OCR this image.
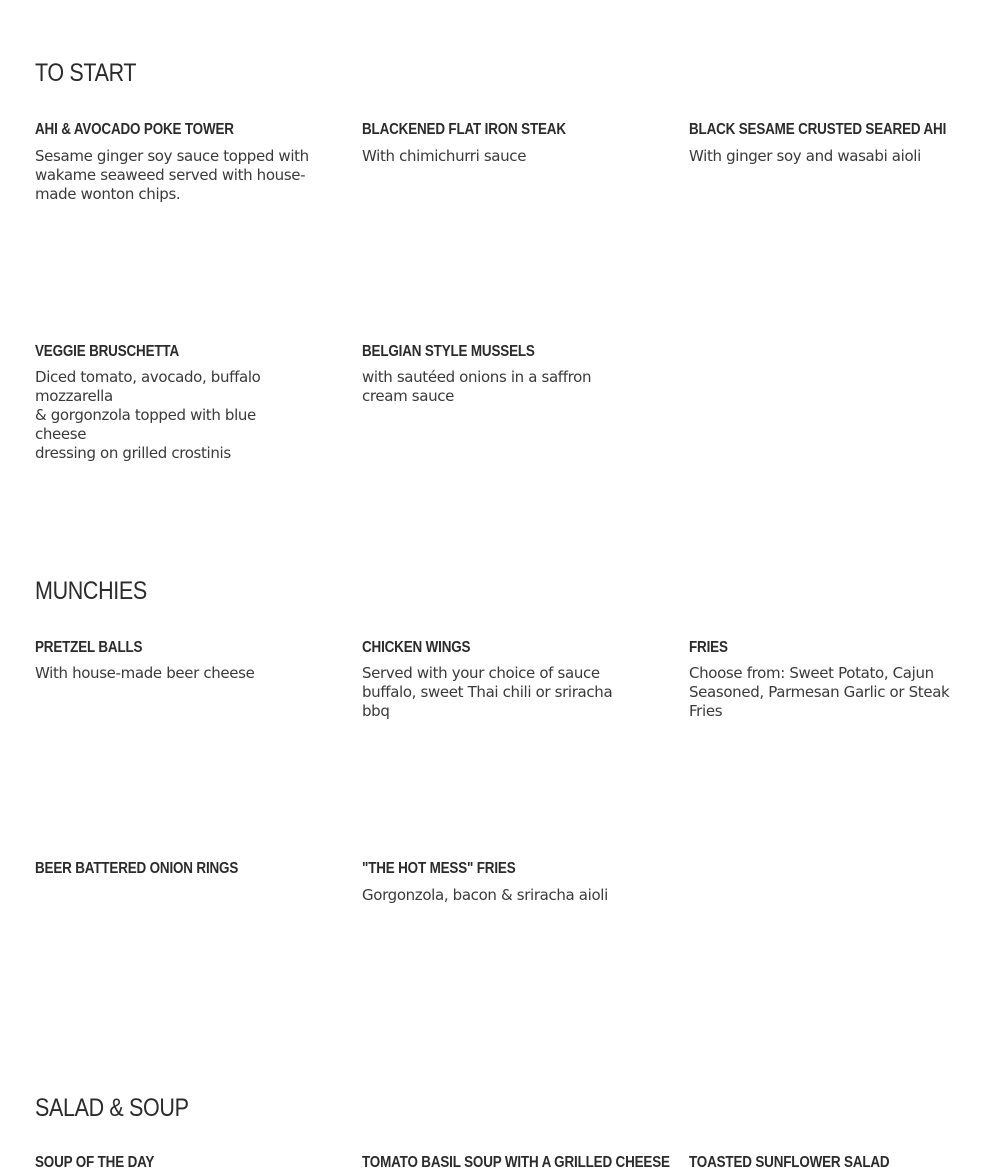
TO START
AHI & AVOCADO POKE TOWER
Sesame ginger soy sauce topped with
wakame seaweed served with house-
made wonton chips.
BLACKENED FLAT IRON STEAK
With chimichurri sauce
BLACK SESAME CRUSTED SEARED AHI
With ginger soy and wasabi aioli
VEGGIE BRUSCHETTA
Diced tomato, avocado, buffalo
mozzarella
& gorgonzola topped with blue
cheese
dressing on grilled crostinis
BELGIAN STYLE MUSSELS
with sautéed onions in a saffron
cream sauce
MUNCHIES
PRETZEL BALLS
With house-made beer cheese
CHICKEN WINGS
Served with your choice of sauce
buffalo, sweet Thai chili or sriracha
bbq
FRIES
Choose from: Sweet Potato, Cajun
Seasoned, Parmesan Garlic or Steak
Fries
BEER BATTERED ONION RINGS	"THE HOT MESS" FRIES
Gorgonzola, bacon & sriracha aioli
SALAD & SOUP
SOUP OF THE DAY	TOMATO BASIL SOUP WITH A GRILLED CHEESE TOASTED SUNFLOWER SALAD
